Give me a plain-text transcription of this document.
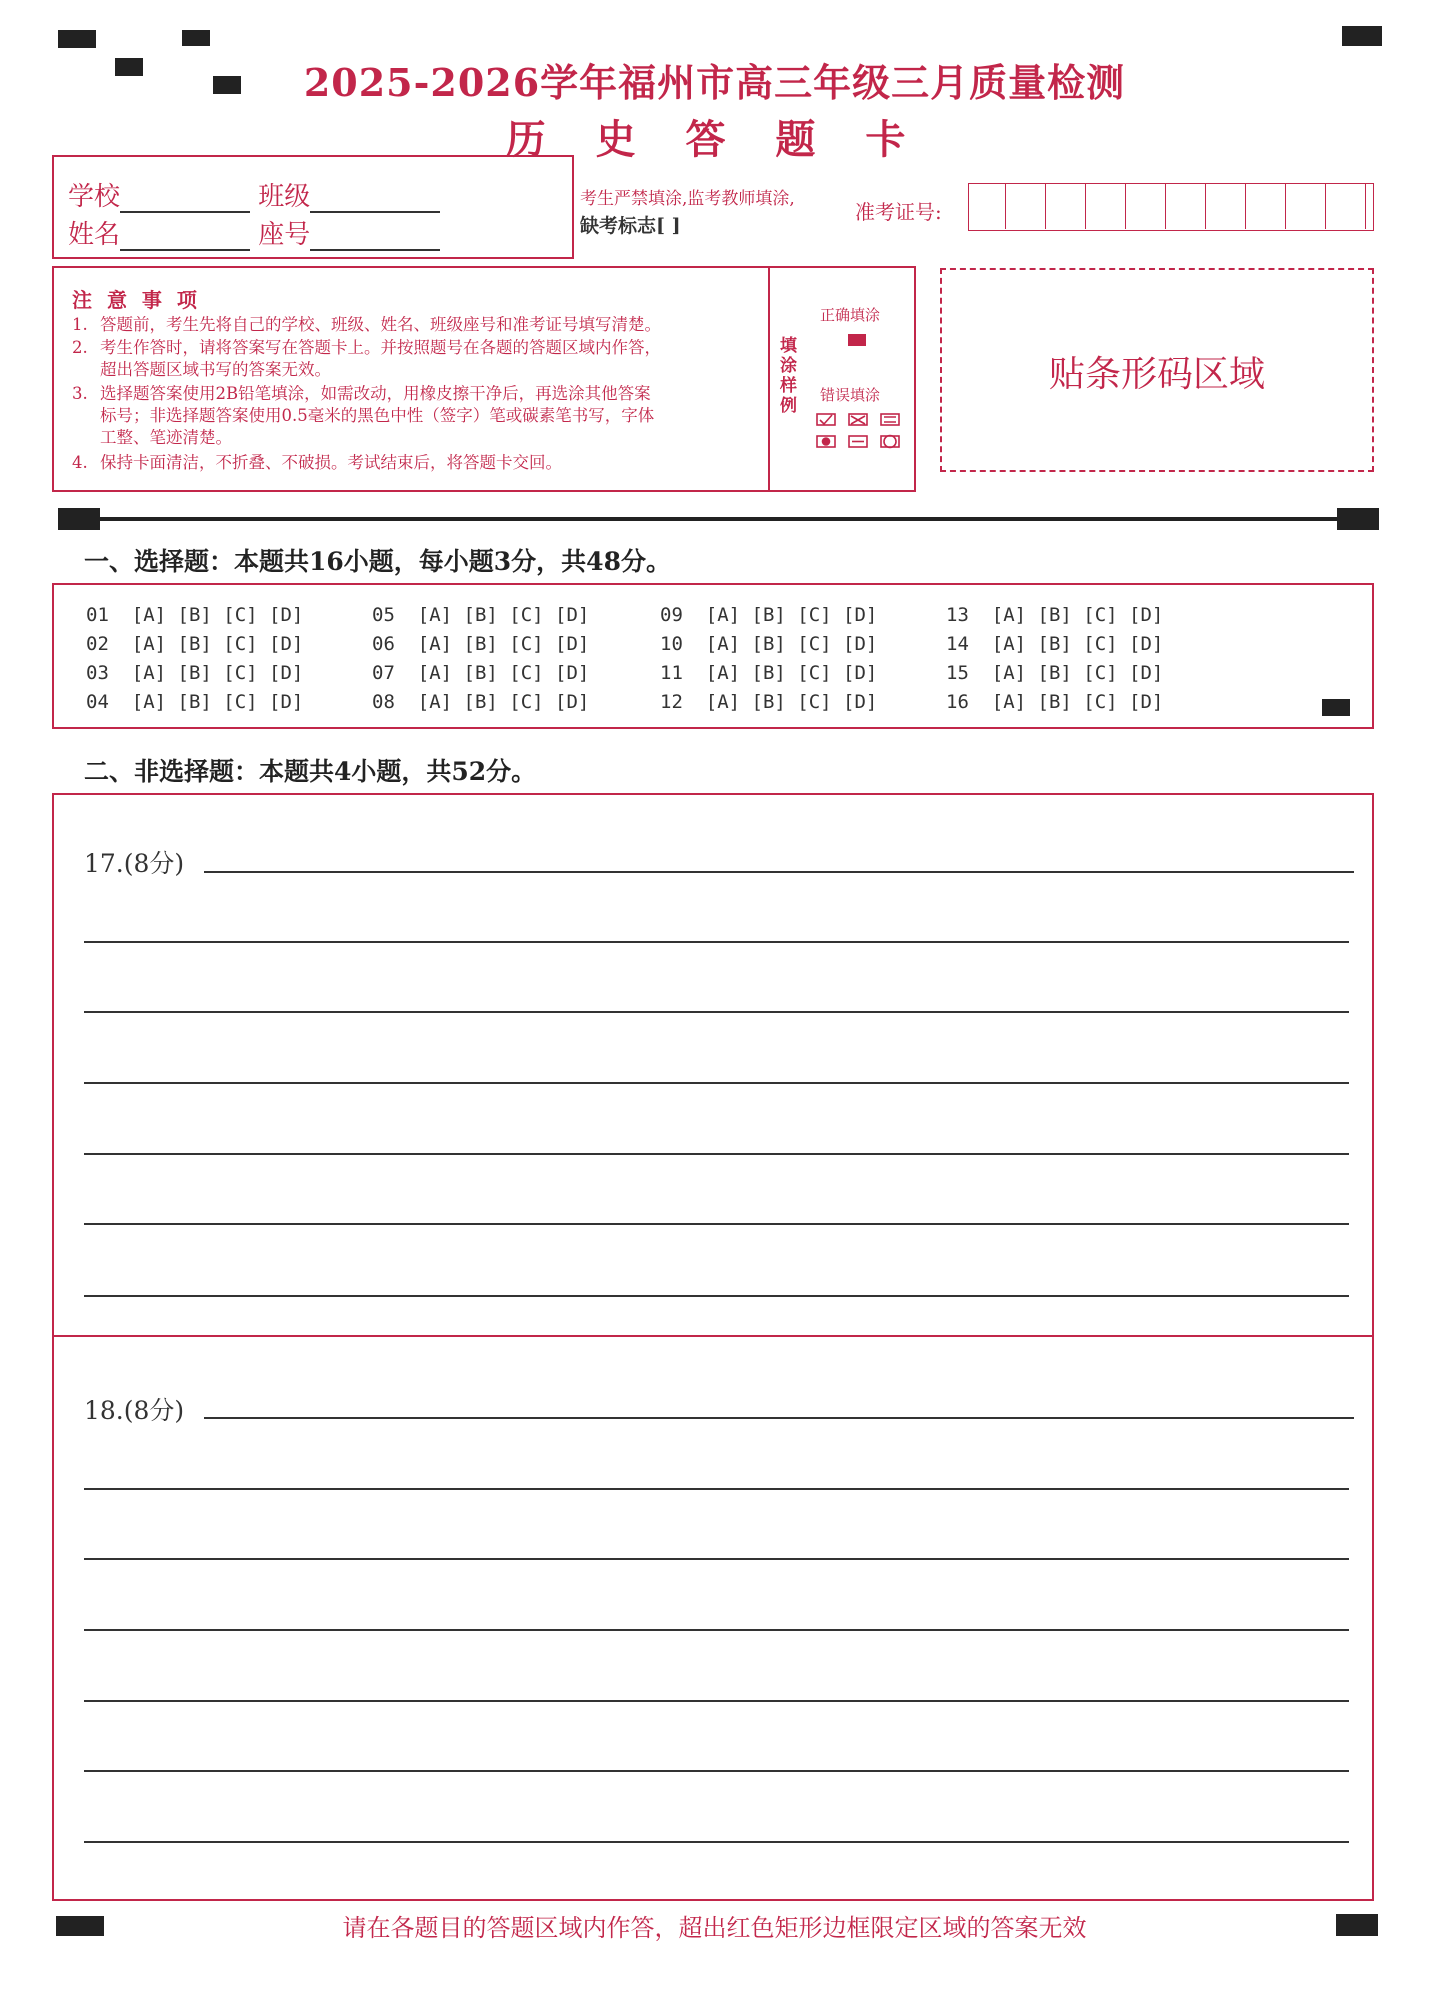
2025-2026学年福州市高三年级三月质量检测
历 史 答 题 卡
学校	班级
姓名	座号
考生严禁填涂,监考教师填涂,
缺考标志[ ]
准考证号:
注 意 事 项
1. 答题前，考生先将自己的学校、班级、姓名、班级座号和准考证号填写清楚。
2. 考生作答时，请将答案写在答题卡上。并按照题号在各题的答题区域内作答，
超出答题区域书写的答案无效。
3. 选择题答案使用2B铅笔填涂，如需改动，用橡皮擦干净后，再选涂其他答案
标号；非选择题答案使用0.5毫米的黑色中性（签字）笔或碳素笔书写，字体
工整、笔迹清楚。
4. 保持卡面清洁，不折叠、不破损。考试结束后，将答题卡交回。
填涂样例
正确填涂
错误填涂	贴条形码区域
一、选择题：本题共16小题，每小题3分，共48分。
01 [A] [B] [C] [D]
02 [A] [B] [C] [D]
03 [A] [B] [C] [D]
04 [A] [B] [C] [D]
05 [A] [B] [C] [D]
06 [A] [B] [C] [D]
07 [A] [B] [C] [D]
08 [A] [B] [C] [D]
09 [A] [B] [C] [D]
10 [A] [B] [C] [D]
11 [A] [B] [C] [D]
12 [A] [B] [C] [D]
13 [A] [B] [C] [D]
14 [A] [B] [C] [D]
15 [A] [B] [C] [D]
16 [A] [B] [C] [D]
二、非选择题：本题共4小题，共52分。
17.(8分)
18.(8分)
请在各题目的答题区域内作答，超出红色矩形边框限定区域的答案无效
